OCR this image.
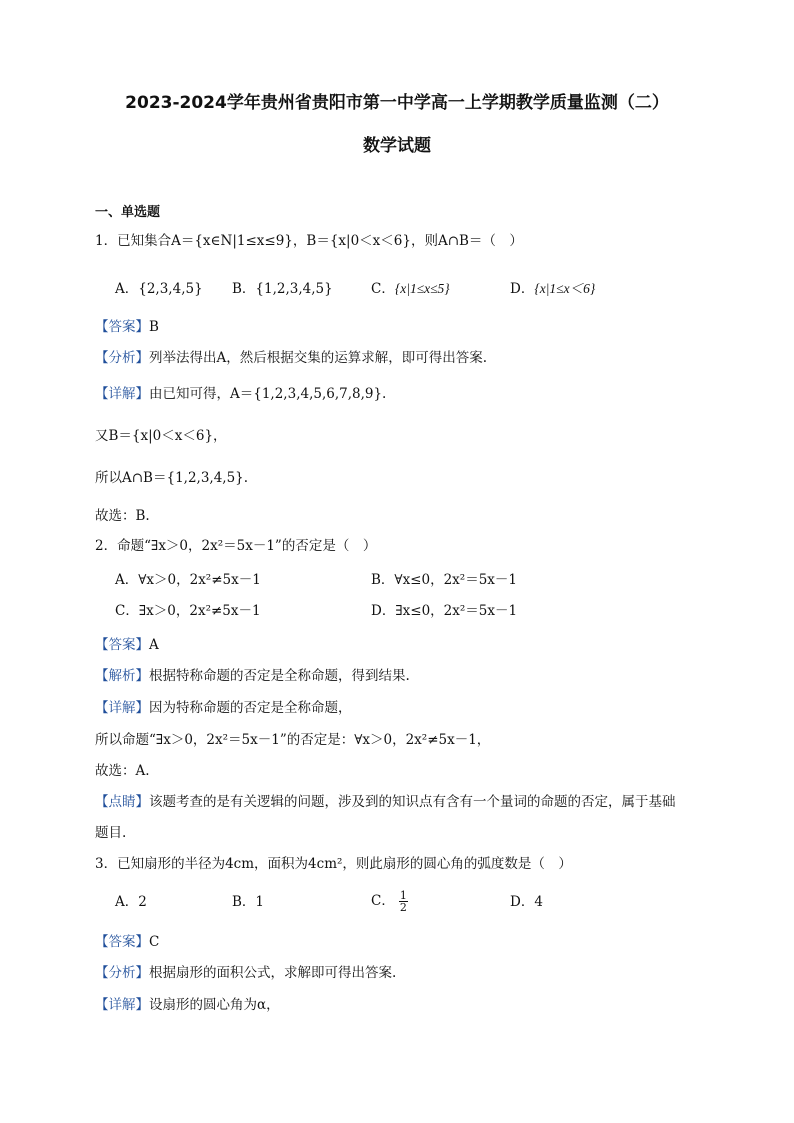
2023-2024学年贵州省贵阳市第一中学高一上学期教学质量监测（二）
数学试题
一、单选题
1．已知集合A＝{x∈N|1≤x≤9}，B＝{x|0＜x＜6}，则A∩B＝（　）
A．{2,3,4,5} B．{1,2,3,4,5}	C．{x|1≤x≤5}	D．{x|1≤x＜6}
【答案】B
【分析】列举法得出A，然后根据交集的运算求解，即可得出答案.
【详解】由已知可得，A＝{1,2,3,4,5,6,7,8,9}.
又B＝{x|0＜x＜6}，
所以A∩B＝{1,2,3,4,5}.
故选：B.
2．命题“∃x＞0，2x²＝5x－1”的否定是（　）
A．∀x＞0，2x²≠5x－1	B．∀x≤0，2x²＝5x－1
C．∃x＞0，2x²≠5x－1	D．∃x≤0，2x²＝5x－1
【答案】A
【解析】根据特称命题的否定是全称命题，得到结果.
【详解】因为特称命题的否定是全称命题，
所以命题“∃x＞0，2x²＝5x－1”的否定是：∀x＞0，2x²≠5x－1，
故选：A.
【点睛】该题考查的是有关逻辑的问题，涉及到的知识点有含有一个量词的命题的否定，属于基础
题目.
3．已知扇形的半径为4cm，面积为4cm²，则此扇形的圆心角的弧度数是（　）
A．2	B．1	C． $\frac{1}{2}$	D．4
【答案】C
【分析】根据扇形的面积公式，求解即可得出答案.
【详解】设扇形的圆心角为α，
